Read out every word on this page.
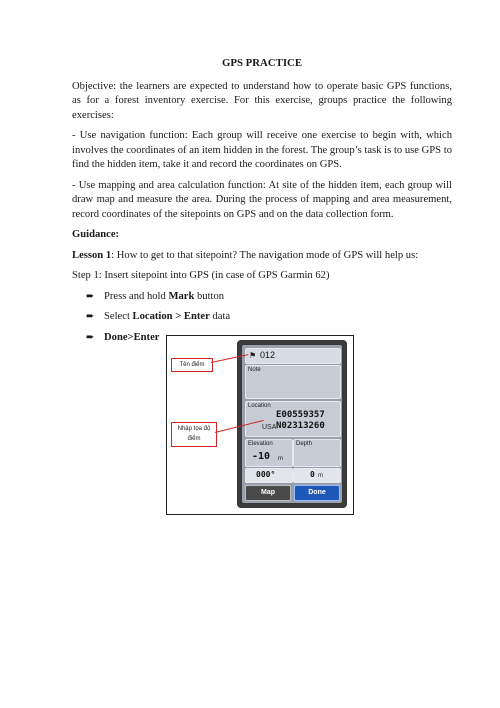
GPS PRACTICE

Objective: the learners are expected to understand how to operate basic GPS functions, as for a forest inventory exercise. For this exercise, groups practice the following exercises:

- Use navigation function: Each group will receive one exercise to begin with, which involves the coordinates of an item hidden in the forest. The group’s task is to use GPS to find the hidden item, take it and record the coordinates on GPS.

- Use mapping and area calculation function: At site of the hidden item, each group will draw map and measure the area. During the process of mapping and area measurement, record coordinates of the sitepoints on GPS and on the data collection form.

Guidance:

Lesson 1: How to get to that sitepoint? The navigation mode of GPS will help us:

Step 1: Insert sitepoint into GPS (in case of GPS Garmin 62)

➨ Press and hold Mark button
➨ Select Location > Enter data
➨ Done>Enter
⚑ 012
Note
Location
E00559357
USA N02313260
Elevation
-10 m
Depth
000°	0 m
Map	Done
Tên điểm
Nhập tọa độ điểm
